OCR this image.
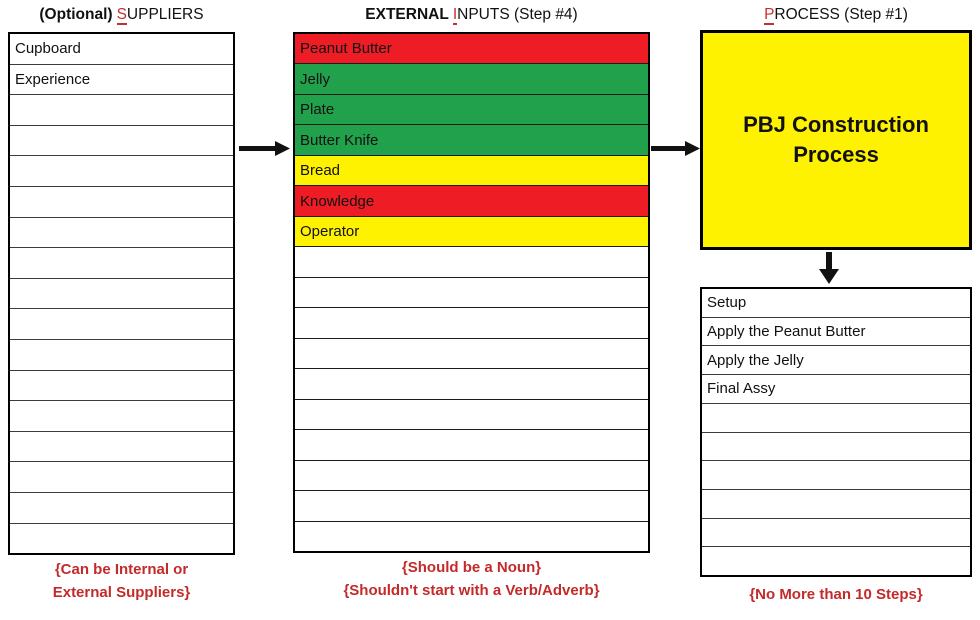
(Optional) SUPPLIERS	EXTERNAL INPUTS (Step #4)	PROCESS (Step #1)
Cupboard
Experience
Peanut Butter
Jelly
Plate
Butter Knife
Bread
Knowledge
Operator
PBJ Construction
Process
Setup
Apply the Peanut Butter
Apply the Jelly
Final Assy
{Can be Internal or
External Suppliers}
{Should be a Noun}
{Shouldn't start with a Verb/Adverb}	{No More than 10 Steps}
